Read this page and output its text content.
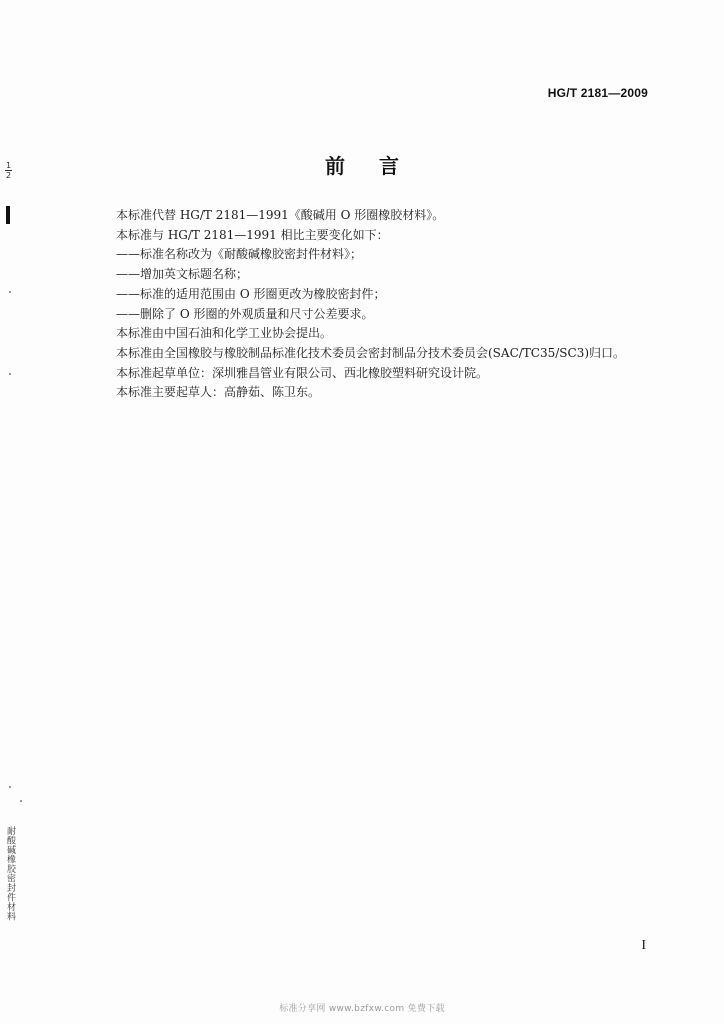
HG/T 2181—2009
前言

本标准代替 HG/T 2181—1991《酸碱用 O 形圈橡胶材料》。

本标准与 HG/T 2181—1991 相比主要变化如下：

——标准名称改为《耐酸碱橡胶密封件材料》；

——增加英文标题名称；

——标准的适用范围由 O 形圈更改为橡胶密封件；

——删除了 O 形圈的外观质量和尺寸公差要求。

本标准由中国石油和化学工业协会提出。

本标准由全国橡胶与橡胶制品标准化技术委员会密封制品分技术委员会(SAC/TC35/SC3)归口。

本标准起草单位：深圳雅昌管业有限公司、西北橡胶塑料研究设计院。

本标准主要起草人：高静茹、陈卫东。

1
2
耐酸碱橡胶密封件材料
I
标准分享网 www.bzfxw.com 免费下载
